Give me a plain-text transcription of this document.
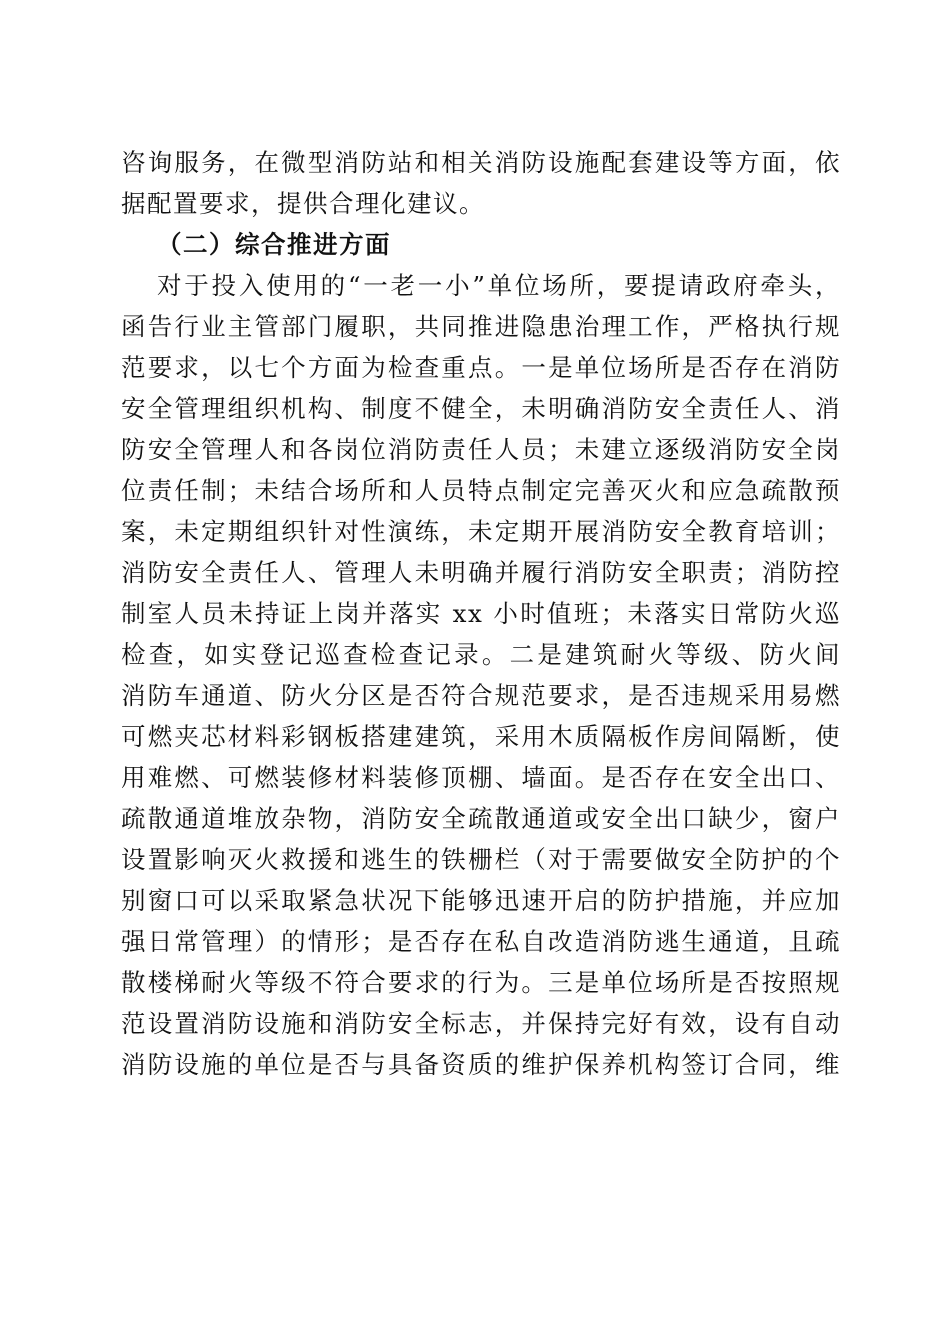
咨询服务，在微型消防站和相关消防设施配套建设等方面，依
据配置要求，提供合理化建议。
（二）综合推进方面
对于投入使用的“一老一小”单位场所，要提请政府牵头，
函告行业主管部门履职，共同推进隐患治理工作，严格执行规
范要求，以七个方面为检查重点。一是单位场所是否存在消防
安全管理组织机构、制度不健全，未明确消防安全责任人、消
防安全管理人和各岗位消防责任人员；未建立逐级消防安全岗
位责任制；未结合场所和人员特点制定完善灭火和应急疏散预
案，未定期组织针对性演练，未定期开展消防安全教育培训；
消防安全责任人、管理人未明确并履行消防安全职责；消防控
制室人员未持证上岗并落实 xx 小时值班；未落实日常防火巡
检查，如实登记巡查检查记录。二是建筑耐火等级、防火间
消防车通道、防火分区是否符合规范要求，是否违规采用易燃
可燃夹芯材料彩钢板搭建建筑，采用木质隔板作房间隔断，使
用难燃、可燃装修材料装修顶棚、墙面。是否存在安全出口、
疏散通道堆放杂物，消防安全疏散通道或安全出口缺少，窗户
设置影响灭火救援和逃生的铁栅栏（对于需要做安全防护的个
别窗口可以采取紧急状况下能够迅速开启的防护措施，并应加
强日常管理）的情形；是否存在私自改造消防逃生通道，且疏
散楼梯耐火等级不符合要求的行为。三是单位场所是否按照规
范设置消防设施和消防安全标志，并保持完好有效，设有自动
消防设施的单位是否与具备资质的维护保养机构签订合同，维
